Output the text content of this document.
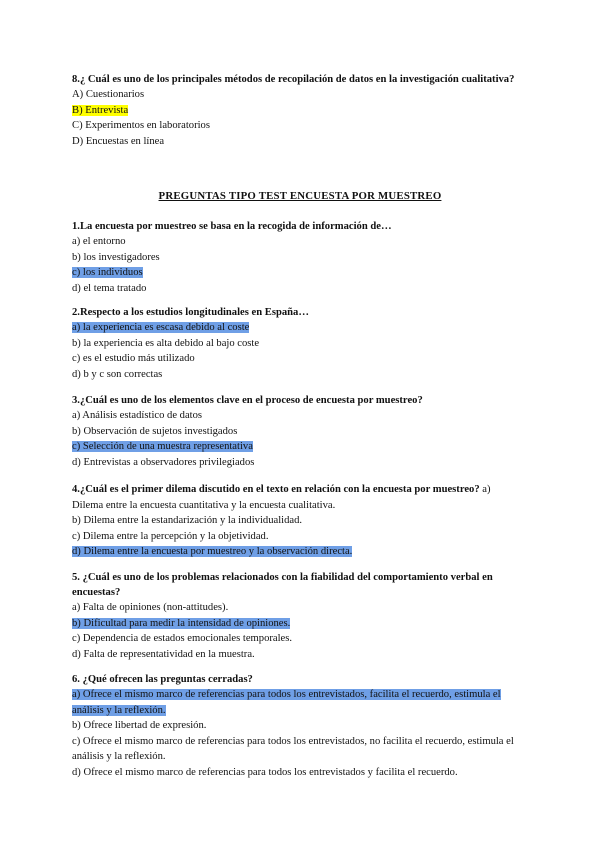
8.¿ Cuál es uno de los principales métodos de recopilación de datos en la investigación cualitativa?

A) Cuestionarios

B) Entrevista

C) Experimentos en laboratorios

D) Encuestas en línea

PREGUNTAS TIPO TEST ENCUESTA POR MUESTREO

1.La encuesta por muestreo se basa en la recogida de información de…

a) el entorno

b) los investigadores

c) los individuos

d) el tema tratado

2.Respecto a los estudios longitudinales en España…

a) la experiencia es escasa debido al coste

b) la experiencia es alta debido al bajo coste

c) es el estudio más utilizado

d) b y c son correctas

3.¿Cuál es uno de los elementos clave en el proceso de encuesta por muestreo?

a) Análisis estadístico de datos

b) Observación de sujetos investigados

c) Selección de una muestra representativa

d) Entrevistas a observadores privilegiados

4.¿Cuál es el primer dilema discutido en el texto en relación con la encuesta por muestreo? a) Dilema entre la encuesta cuantitativa y la encuesta cualitativa.

b) Dilema entre la estandarización y la individualidad.

c) Dilema entre la percepción y la objetividad.

d) Dilema entre la encuesta por muestreo y la observación directa.

5. ¿Cuál es uno de los problemas relacionados con la fiabilidad del comportamiento verbal en encuestas?

a) Falta de opiniones (non-attitudes).

b) Dificultad para medir la intensidad de opiniones.

c) Dependencia de estados emocionales temporales.

d) Falta de representatividad en la muestra.

6. ¿Qué ofrecen las preguntas cerradas?

a) Ofrece el mismo marco de referencias para todos los entrevistados, facilita el recuerdo, estimula el análisis y la reflexión.

b) Ofrece libertad de expresión.

c) Ofrece el mismo marco de referencias para todos los entrevistados, no facilita el recuerdo, estimula el análisis y la reflexión.

d) Ofrece el mismo marco de referencias para todos los entrevistados y facilita el recuerdo.
